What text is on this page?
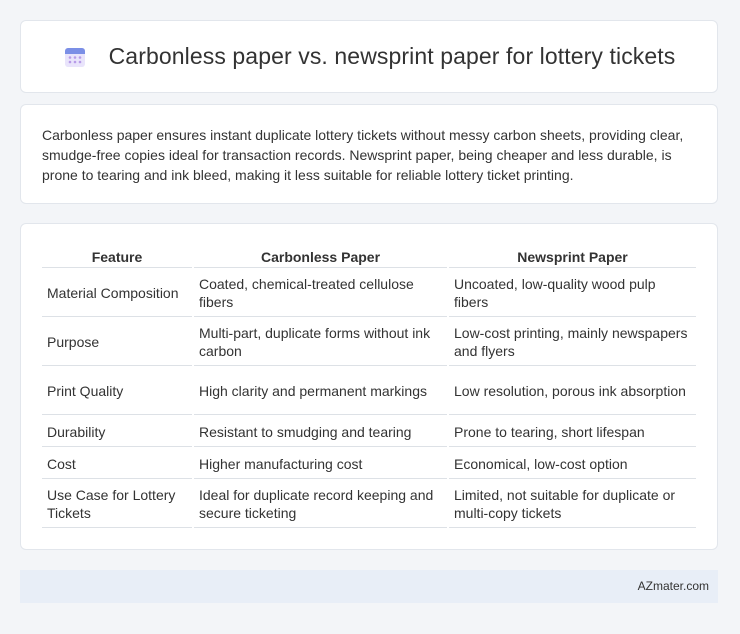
Carbonless paper vs. newsprint paper for lottery tickets

Carbonless paper ensures instant duplicate lottery tickets without messy carbon sheets, providing clear, smudge-free copies ideal for transaction records. Newsprint paper, being cheaper and less durable, is prone to tearing and ink bleed, making it less suitable for reliable lottery ticket printing.

Feature	Carbonless Paper	Newsprint Paper
Material Composition	Coated, chemical-treated cellulose fibers	Uncoated, low-quality wood pulp fibers
Purpose	Multi-part, duplicate forms without ink carbon	Low-cost printing, mainly newspapers and flyers
Print Quality	High clarity and permanent markings	Low resolution, porous ink absorption
Durability	Resistant to smudging and tearing	Prone to tearing, short lifespan
Cost	Higher manufacturing cost	Economical, low-cost option
Use Case for Lottery Tickets	Ideal for duplicate record keeping and secure ticketing	Limited, not suitable for duplicate or multi-copy tickets
AZmater.com
